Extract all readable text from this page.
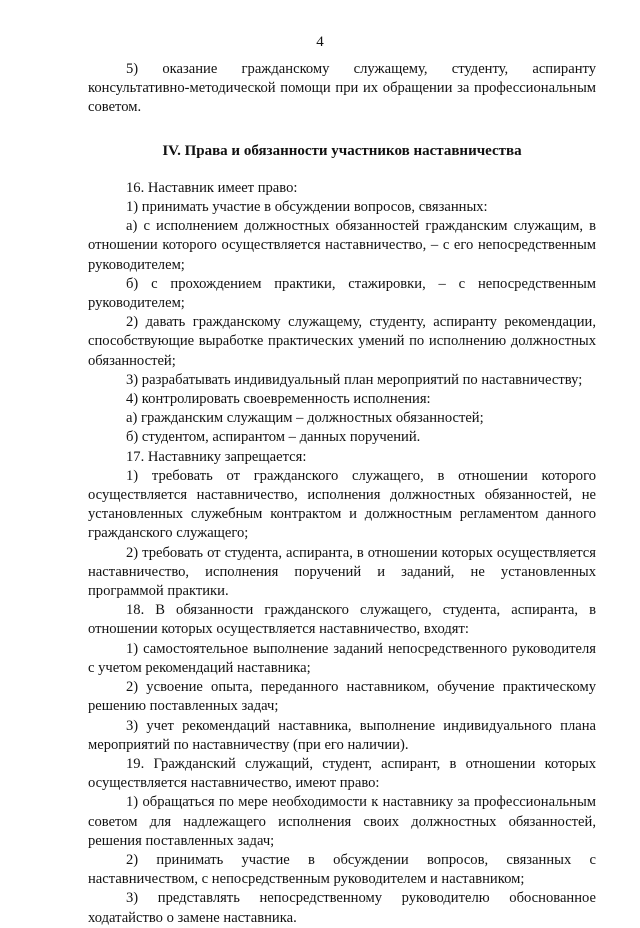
4

5) оказание гражданскому служащему, студенту, аспиранту консультативно-методической помощи при их обращении за профессиональным советом.

IV. Права и обязанности участников наставничества

16. Наставник имеет право:

1) принимать участие в обсуждении вопросов, связанных:

а) с исполнением должностных обязанностей гражданским служащим, в отношении которого осуществляется наставничество, – с его непосредственным руководителем;

б) с прохождением практики, стажировки, – с непосредственным руководителем;

2) давать гражданскому служащему, студенту, аспиранту рекомендации, способствующие выработке практических умений по исполнению должностных обязанностей;

3) разрабатывать индивидуальный план мероприятий по наставничеству;

4) контролировать своевременность исполнения:

а) гражданским служащим – должностных обязанностей;

б) студентом, аспирантом – данных поручений.

17. Наставнику запрещается:

1) требовать от гражданского служащего, в отношении которого осуществляется наставничество, исполнения должностных обязанностей, не установленных служебным контрактом и должностным регламентом данного гражданского служащего;

2) требовать от студента, аспиранта, в отношении которых осуществляется наставничество, исполнения поручений и заданий, не установленных программой практики.

18. В обязанности гражданского служащего, студента, аспиранта, в отношении которых осуществляется наставничество, входят:

1) самостоятельное выполнение заданий непосредственного руководителя с учетом рекомендаций наставника;

2) усвоение опыта, переданного наставником, обучение практическому решению поставленных задач;

3) учет рекомендаций наставника, выполнение индивидуального плана мероприятий по наставничеству (при его наличии).

19. Гражданский служащий, студент, аспирант, в отношении которых осуществляется наставничество, имеют право:

1) обращаться по мере необходимости к наставнику за профессиональным советом для надлежащего исполнения своих должностных обязанностей, решения поставленных задач;

2) принимать участие в обсуждении вопросов, связанных с наставничеством, с непосредственным руководителем и наставником;

3) представлять непосредственному руководителю обоснованное ходатайство о замене наставника.
